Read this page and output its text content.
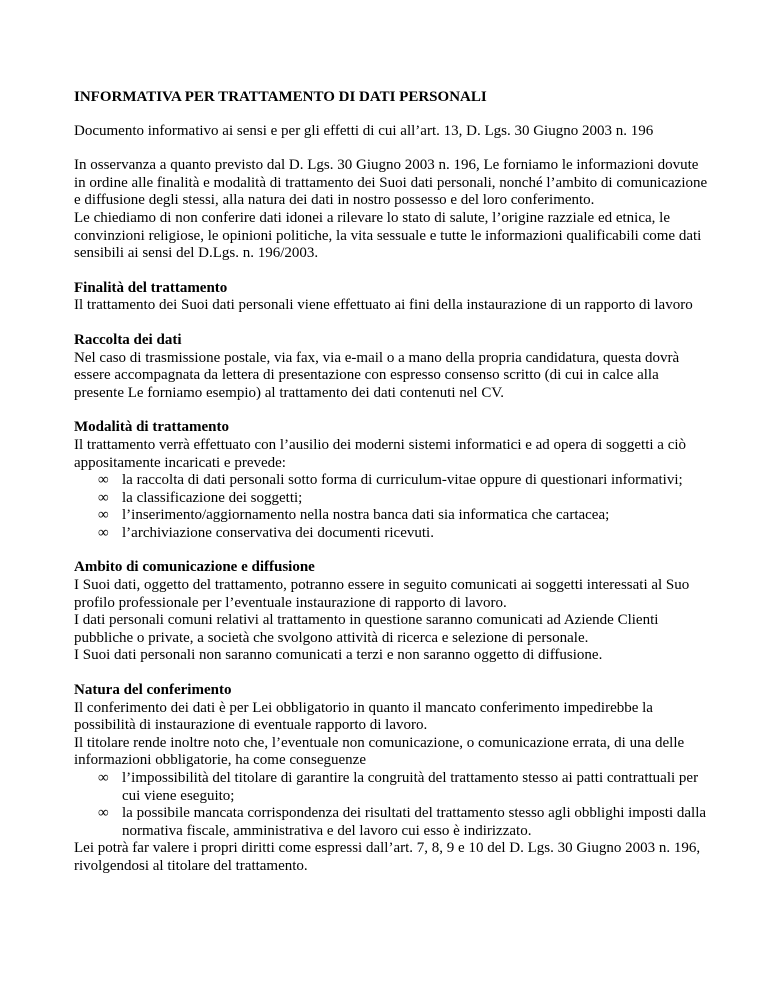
INFORMATIVA PER TRATTAMENTO DI DATI PERSONALI

Documento informativo ai sensi e per gli effetti di cui all’art. 13, D. Lgs. 30 Giugno 2003 n. 196

In osservanza a quanto previsto dal D. Lgs. 30 Giugno 2003 n. 196, Le forniamo le informazioni dovute in ordine alle finalità e modalità di trattamento dei Suoi dati personali, nonché l’ambito di comunicazione e diffusione degli stessi, alla natura dei dati in nostro possesso e del loro conferimento.
Le chiediamo di non conferire dati idonei a rilevare lo stato di salute, l’origine razziale ed etnica, le convinzioni religiose, le opinioni politiche, la vita sessuale e tutte le informazioni qualificabili come dati sensibili ai sensi del D.Lgs. n. 196/2003.

Finalità del trattamento
Il trattamento dei Suoi dati personali viene effettuato ai fini della instaurazione di un rapporto di lavoro
Raccolta dei dati
Nel caso di trasmissione postale, via fax, via e-mail o a mano della propria candidatura, questa dovrà essere accompagnata da lettera di presentazione con espresso consenso scritto (di cui in calce alla presente Le forniamo esempio) al trattamento dei dati contenuti nel CV.
Modalità di trattamento
Il trattamento verrà effettuato con l’ausilio dei moderni sistemi informatici e ad opera di soggetti a ciò appositamente incaricati e prevede:
∞ la raccolta di dati personali sotto forma di curriculum-vitae oppure di questionari informativi;
∞ la classificazione dei soggetti;
∞ l’inserimento/aggiornamento nella nostra banca dati sia informatica che cartacea;
∞ l’archiviazione conservativa dei documenti ricevuti.
Ambito di comunicazione e diffusione
I Suoi dati, oggetto del trattamento, potranno essere in seguito comunicati ai soggetti interessati al Suo profilo professionale per l’eventuale instaurazione di rapporto di lavoro.
I dati personali comuni relativi al trattamento in questione saranno comunicati ad Aziende Clienti pubbliche o private, a società che svolgono attività di ricerca e selezione di personale.
I Suoi dati personali non saranno comunicati a terzi e non saranno oggetto di diffusione.
Natura del conferimento
Il conferimento dei dati è per Lei obbligatorio in quanto il mancato conferimento impedirebbe la possibilità di instaurazione di eventuale rapporto di lavoro.
Il titolare rende inoltre noto che, l’eventuale non comunicazione, o comunicazione errata, di una delle informazioni obbligatorie, ha come conseguenze
∞ l’impossibilità del titolare di garantire la congruità del trattamento stesso ai patti contrattuali per cui viene eseguito;
∞ la possibile mancata corrispondenza dei risultati del trattamento stesso agli obblighi imposti dalla normativa fiscale, amministrativa e del lavoro cui esso è indirizzato.
Lei potrà far valere i propri diritti come espressi dall’art. 7, 8, 9 e 10 del D. Lgs. 30 Giugno 2003 n. 196, rivolgendosi al titolare del trattamento.
